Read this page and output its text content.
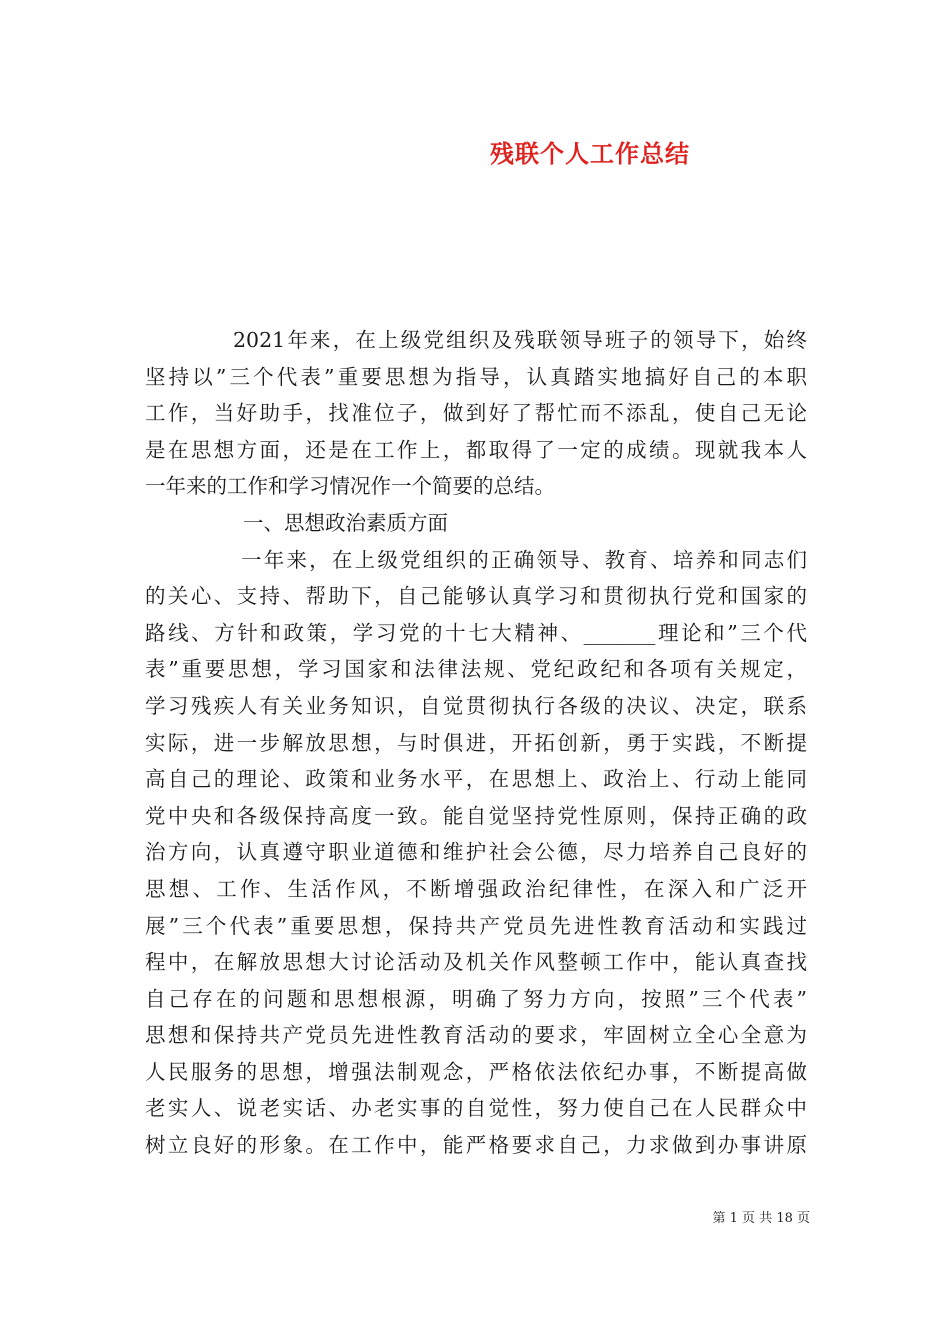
残联个人工作总结
2021年来，在上级党组织及残联领导班子的领导下，始终
坚持以”三个代表”重要思想为指导，认真踏实地搞好自己的本职
工作，当好助手，找准位子，做到好了帮忙而不添乱，使自己无论
是在思想方面，还是在工作上，都取得了一定的成绩。现就我本人
一年来的工作和学习情况作一个简要的总结。
一、思想政治素质方面
一年来，在上级党组织的正确领导、教育、培养和同志们
的关心、支持、帮助下，自己能够认真学习和贯彻执行党和国家的
路线、方针和政策，学习党的十七大精神、_______理论和”三个代
表”重要思想，学习国家和法律法规、党纪政纪和各项有关规定，
学习残疾人有关业务知识，自觉贯彻执行各级的决议、决定，联系
实际，进一步解放思想，与时俱进，开拓创新，勇于实践，不断提
高自己的理论、政策和业务水平，在思想上、政治上、行动上能同
党中央和各级保持高度一致。能自觉坚持党性原则，保持正确的政
治方向，认真遵守职业道德和维护社会公德，尽力培养自己良好的
思想、工作、生活作风，不断增强政治纪律性，在深入和广泛开
展”三个代表”重要思想，保持共产党员先进性教育活动和实践过
程中，在解放思想大讨论活动及机关作风整顿工作中，能认真查找
自己存在的问题和思想根源，明确了努力方向，按照”三个代表”
思想和保持共产党员先进性教育活动的要求，牢固树立全心全意为
人民服务的思想，增强法制观念，严格依法依纪办事，不断提高做
老实人、说老实话、办老实事的自觉性，努力使自己在人民群众中
树立良好的形象。在工作中，能严格要求自己，力求做到办事讲原
第 1 页 共 18 页
